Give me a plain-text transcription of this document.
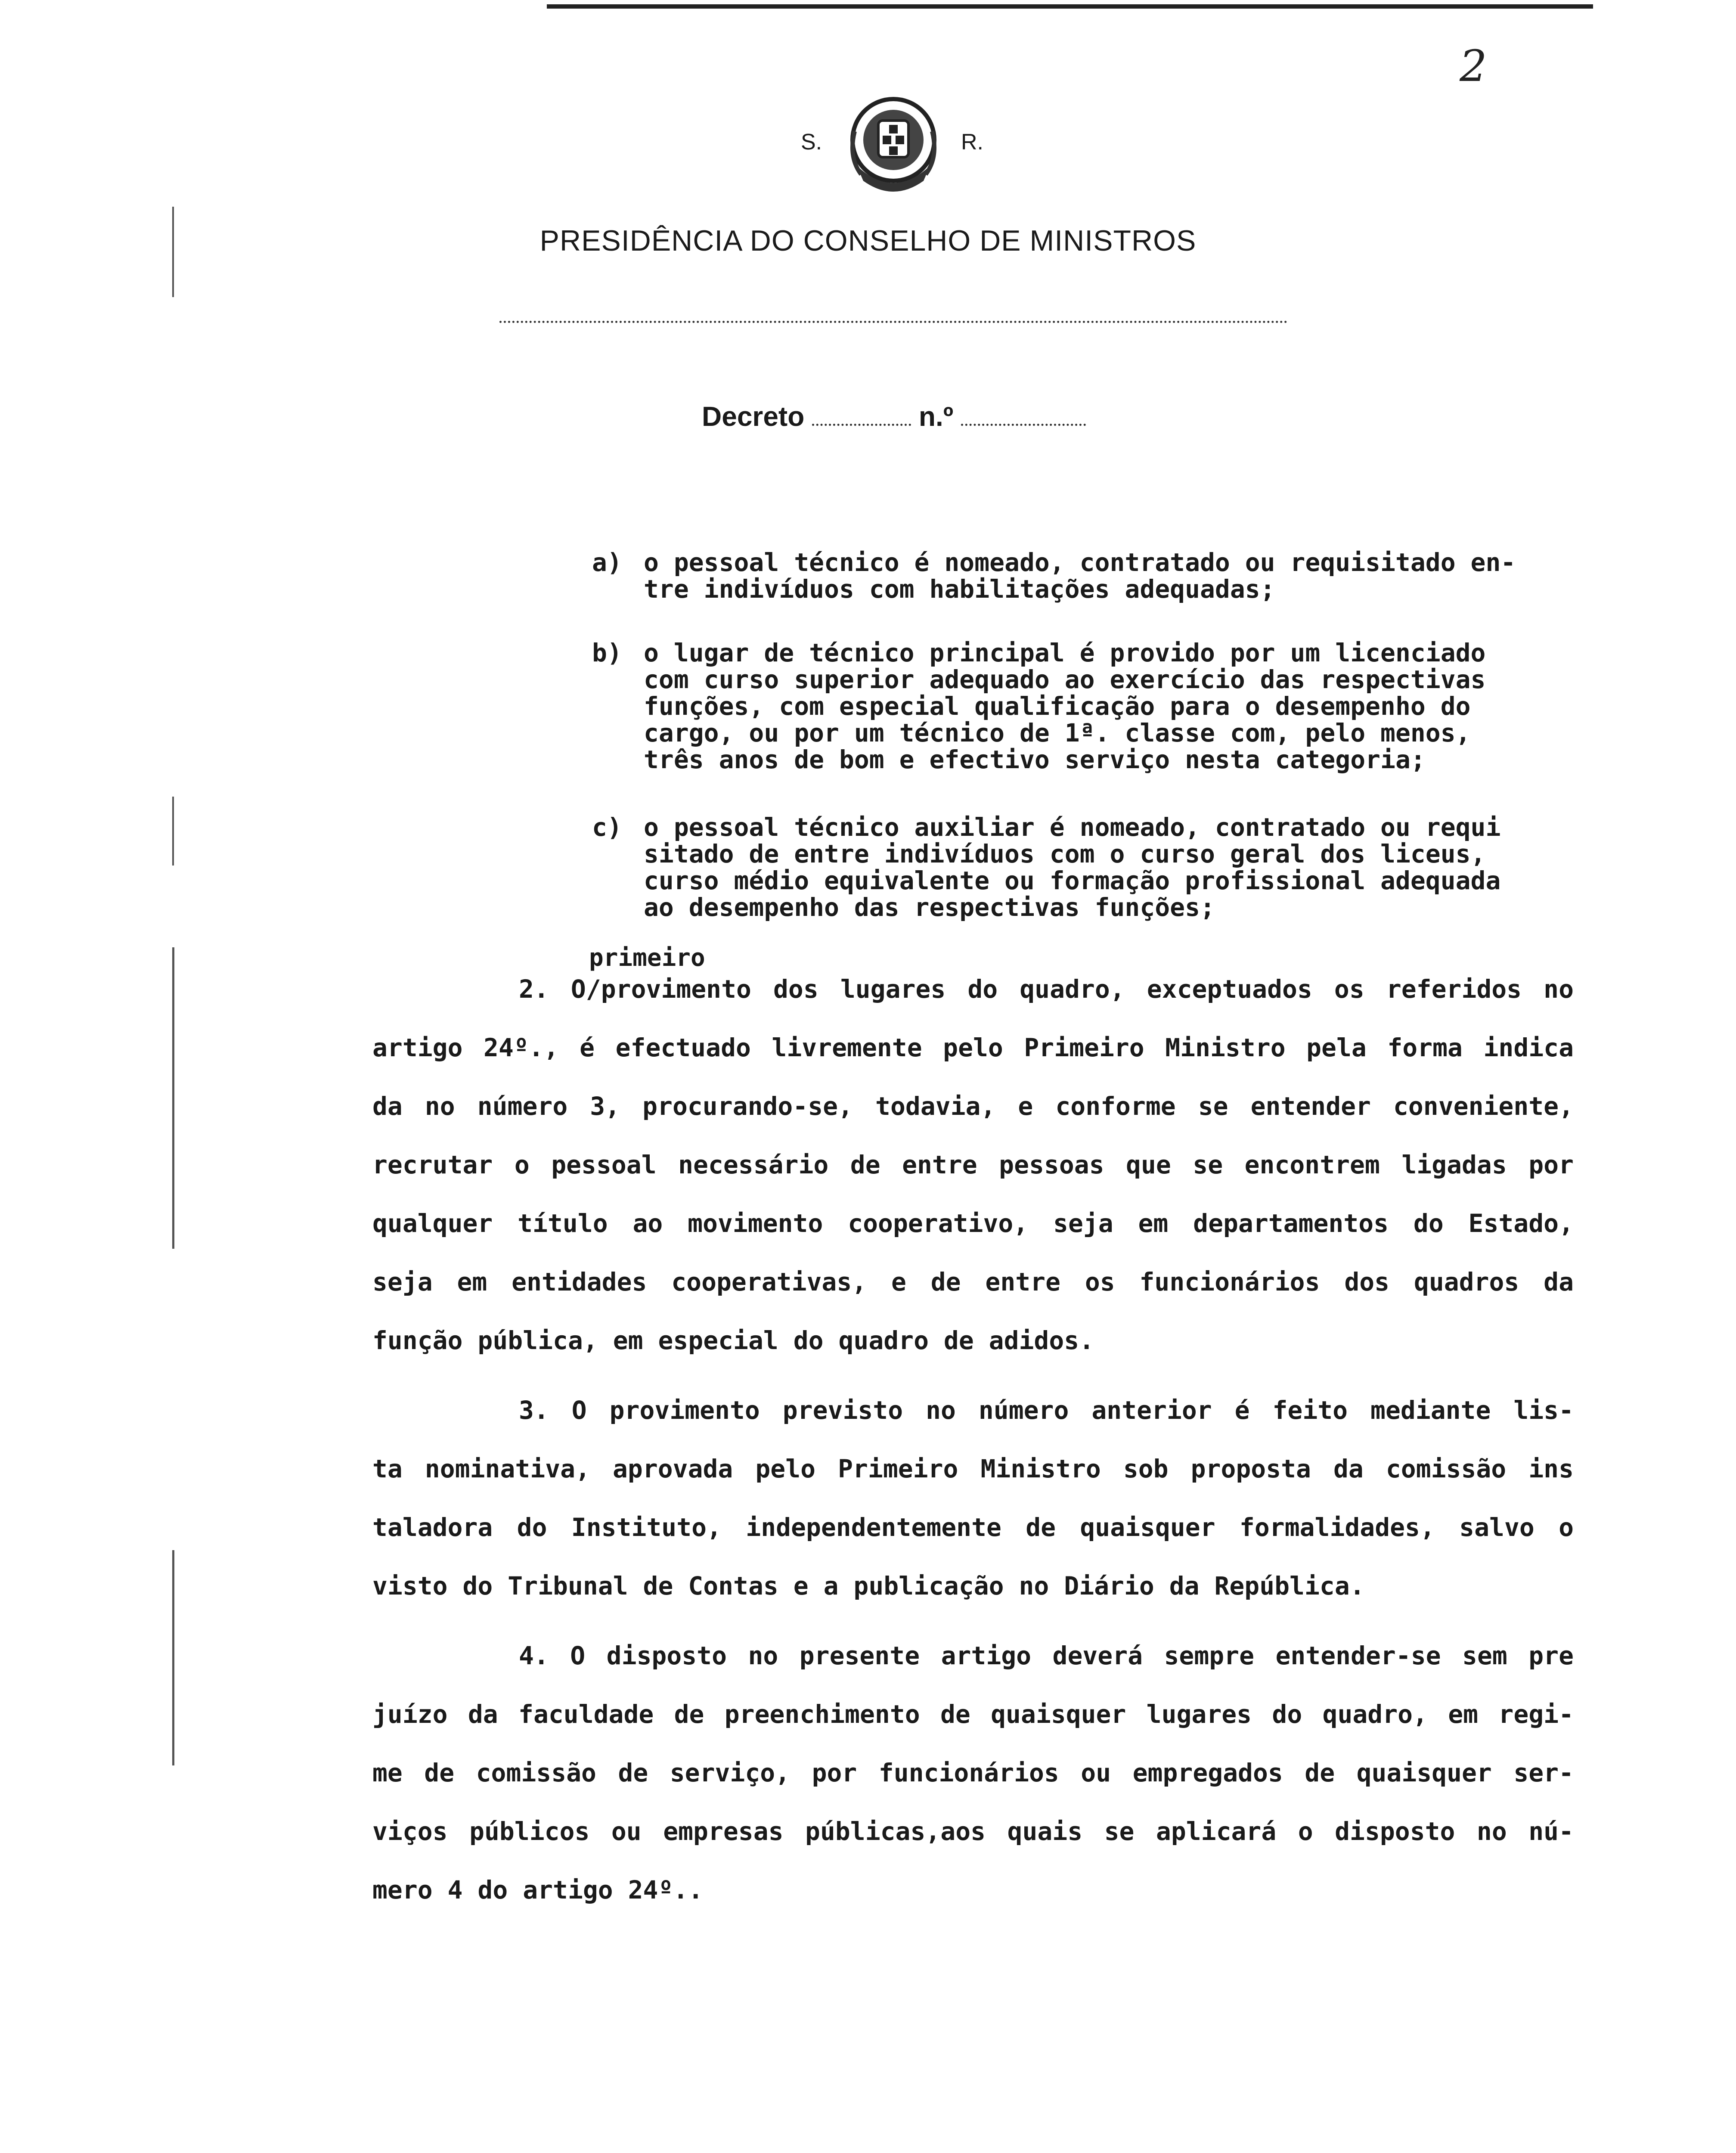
2
S.	R.
PRESIDÊNCIA DO CONSELHO DE MINISTROS
Decreto	n.º
a) o pessoal técnico é nomeado, contratado ou requisitado en-
tre indivíduos com habilitações adequadas;
b) o lugar de técnico principal é provido por um licenciado
com curso superior adequado ao exercício das respectivas
funções, com especial qualificação para o desempenho do
cargo, ou por um técnico de 1ª. classe com, pelo menos,
três anos de bom e efectivo serviço nesta categoria;
c) o pessoal técnico auxiliar é nomeado, contratado ou requi
sitado de entre indivíduos com o curso geral dos liceus,
curso médio equivalente ou formação profissional adequada
ao desempenho das respectivas funções;
primeiro
2. O/provimento dos lugares do quadro, exceptuados os referidos no
artigo 24º., é efectuado livremente pelo Primeiro Ministro pela forma indica
da no número 3, procurando-se, todavia, e conforme se entender conveniente,
recrutar o pessoal necessário de entre pessoas que se encontrem ligadas por
qualquer título ao movimento cooperativo, seja em departamentos do Estado,
seja em entidades cooperativas, e de entre os funcionários dos quadros da
função pública, em especial do quadro de adidos.
3. O provimento previsto no número anterior é feito mediante lis-
ta nominativa, aprovada pelo Primeiro Ministro sob proposta da comissão ins
taladora do Instituto, independentemente de quaisquer formalidades, salvo o
visto do Tribunal de Contas e a publicação no Diário da República.
4. O disposto no presente artigo deverá sempre entender-se sem pre
juízo da faculdade de preenchimento de quaisquer lugares do quadro, em regi-
me de comissão de serviço, por funcionários ou empregados de quaisquer ser-
viços públicos ou empresas públicas,aos quais se aplicará o disposto no nú-
mero 4 do artigo 24º..
